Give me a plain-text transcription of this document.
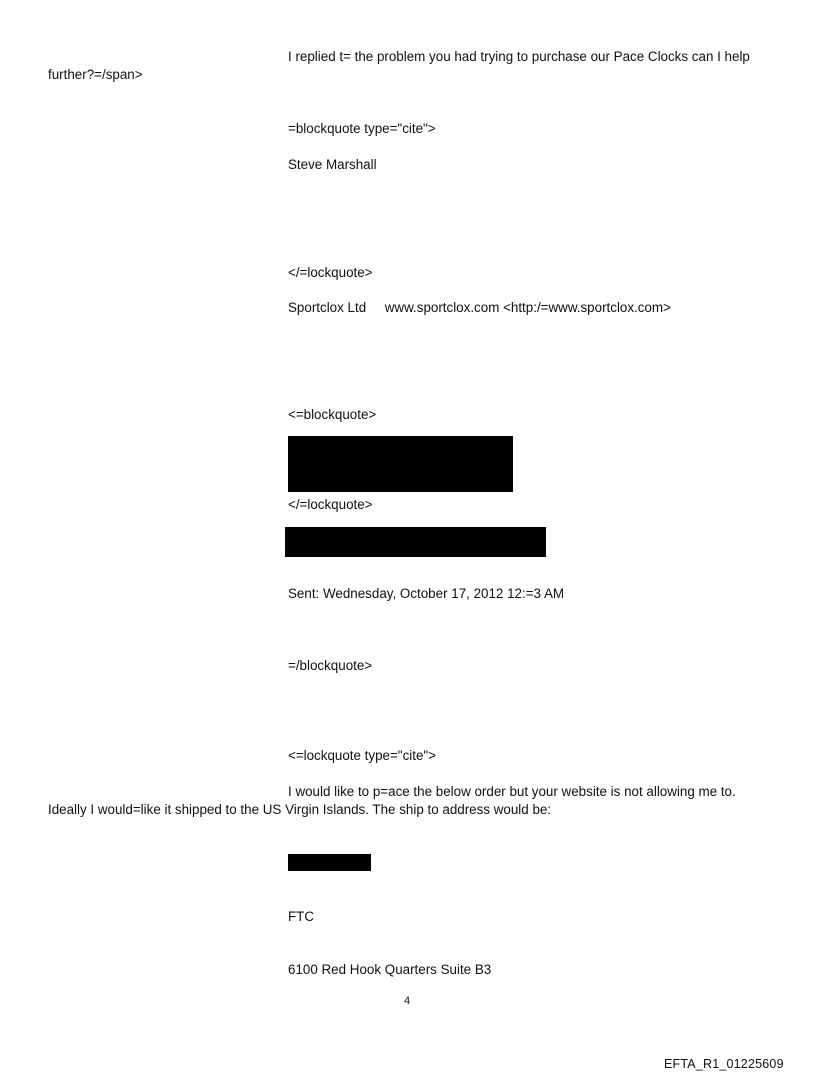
I replied t= the problem you had trying to purchase our Pace Clocks can I help
further?=/span>
=blockquote type="cite">
Steve Marshall
</=lockquote>
Sportclox Ltd     www.sportclox.com <http:/=www.sportclox.com>
<=blockquote>
</=lockquote>
Sent: Wednesday, October 17, 2012 12:=3 AM
=/blockquote>
<=lockquote type="cite">
I would like to p=ace the below order but your website is not allowing me to.
Ideally I would=like it shipped to the US Virgin Islands. The ship to address would be:
FTC
6100 Red Hook Quarters Suite B3
4
EFTA_R1_01225609
